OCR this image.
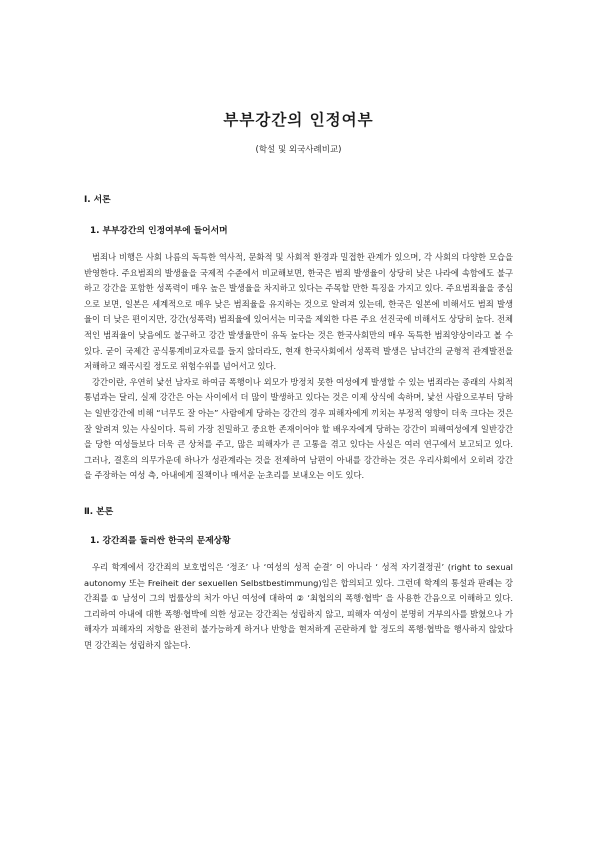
부부강간의 인정여부

(학설 및 외국사례비교)

Ⅰ. 서론
1. 부부강간의 인정여부에 들어서며

범죄나 비행은 사회 나름의 독특한 역사적, 문화적 및 사회적 환경과 밀접한 관계가 있으며, 각 사회의 다양한 모습을 반영한다. 주요범죄의 발생율을 국제적 수준에서 비교해보면, 한국은 범죄 발생율이 상당히 낮은 나라에 속함에도 불구하고 강간을 포함한 성폭력이 매우 높은 발생율을 차지하고 있다는 주목할 만한 특징을 가지고 있다. 주요범죄율을 중심으로 보면, 일본은 세계적으로 매우 낮은 범죄율을 유지하는 것으로 알려져 있는데, 한국은 일본에 비해서도 범죄 발생율이 더 낮은 편이지만, 강간(성폭력) 범죄율에 있어서는 미국을 제외한 다른 주요 선진국에 비해서도 상당히 높다. 전체적인 범죄율이 낮음에도 불구하고 강간 발생율만이 유독 높다는 것은 한국사회만의 매우 독특한 범죄양상이라고 볼 수 있다. 굳이 국제간 공식통계비교자료를 들지 않더라도, 현재 한국사회에서 성폭력 발생은 남녀간의 균형적 관계발전을 저해하고 왜곡시킬 정도로 위험수위를 넘어서고 있다.

강간이란, 우연히 낯선 남자로 하여금 폭행이나 외모가 방정치 못한 여성에게 발생할 수 있는 범죄라는 종래의 사회적 통념과는 달리, 실제 강간은 아는 사이에서 더 많이 발생하고 있다는 것은 이제 상식에 속하며, 낯선 사람으로부터 당하는 일반강간에 비해 “너무도 잘 아는” 사람에게 당하는 강간의 경우 피해자에게 끼치는 부정적 영향이 더욱 크다는 것은 잘 알려져 있는 사실이다. 특히 가장 친밀하고 중요한 존재이어야 할 배우자에게 당하는 강간이 피해여성에게 일반강간을 당한 여성들보다 더욱 큰 상처를 주고, 많은 피해자가 큰 고통을 겪고 있다는 사실은 여러 연구에서 보고되고 있다. 그러나, 결혼의 의무가운데 하나가 성관계라는 것을 전제하여 남편이 아내를 강간하는 것은 우리사회에서 오히려 강간을 주장하는 여성 측, 아내에게 질책이나 매서운 눈초리를 보내오는 이도 있다.

Ⅱ. 본론
1. 강간죄를 둘러싼 한국의 문제상황

우리 학계에서 강간죄의 보호법익은 ‘정조’ 나 ‘여성의 성적 순결’ 이 아니라 ‘ 성적 자기결정권’ (right to sexual autonomy 또는 Freiheit der sexuellen Selbstbestimmung)임은 합의되고 있다. 그런데 학계의 통설과 판례는 강간죄를 ① 남성이 그의 법률상의 처가 아닌 여성에 대하여 ② ‘최협의의 폭행·협박’ 을 사용한 간음으로 이해하고 있다. 그리하여 아내에 대한 폭행·협박에 의한 성교는 강간죄는 성립하지 않고, 피해자 여성이 분명히 거부의사를 밝혔으나 가해자가 피해자의 저항을 완전히 불가능하게 하거나 반항을 현저하게 곤란하게 할 정도의 폭행·협박을 행사하지 않았다면 강간죄는 성립하지 않는다.
